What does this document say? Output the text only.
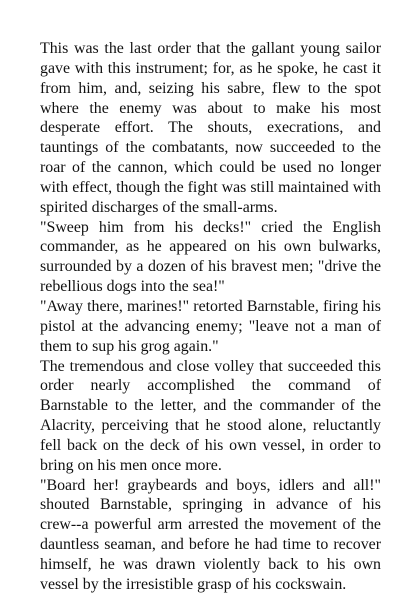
This was the last order that the gallant young sailor gave with this instrument; for, as he spoke, he cast it from him, and, seizing his sabre, flew to the spot where the enemy was about to make his most desperate effort. The shouts, execrations, and tauntings of the combatants, now succeeded to the roar of the cannon, which could be used no longer with effect, though the fight was still maintained with spirited discharges of the small-arms.

"Sweep him from his decks!" cried the English commander, as he appeared on his own bulwarks, surrounded by a dozen of his bravest men; "drive the rebellious dogs into the sea!"

"Away there, marines!" retorted Barnstable, firing his pistol at the advancing enemy; "leave not a man of them to sup his grog again."

The tremendous and close volley that succeeded this order nearly accomplished the command of Barnstable to the letter, and the commander of the Alacrity, perceiving that he stood alone, reluctantly fell back on the deck of his own vessel, in order to bring on his men once more.

"Board her! graybeards and boys, idlers and all!" shouted Barnstable, springing in advance of his crew--a powerful arm arrested the movement of the dauntless seaman, and before he had time to recover himself, he was drawn violently back to his own vessel by the irresistible grasp of his cockswain.
